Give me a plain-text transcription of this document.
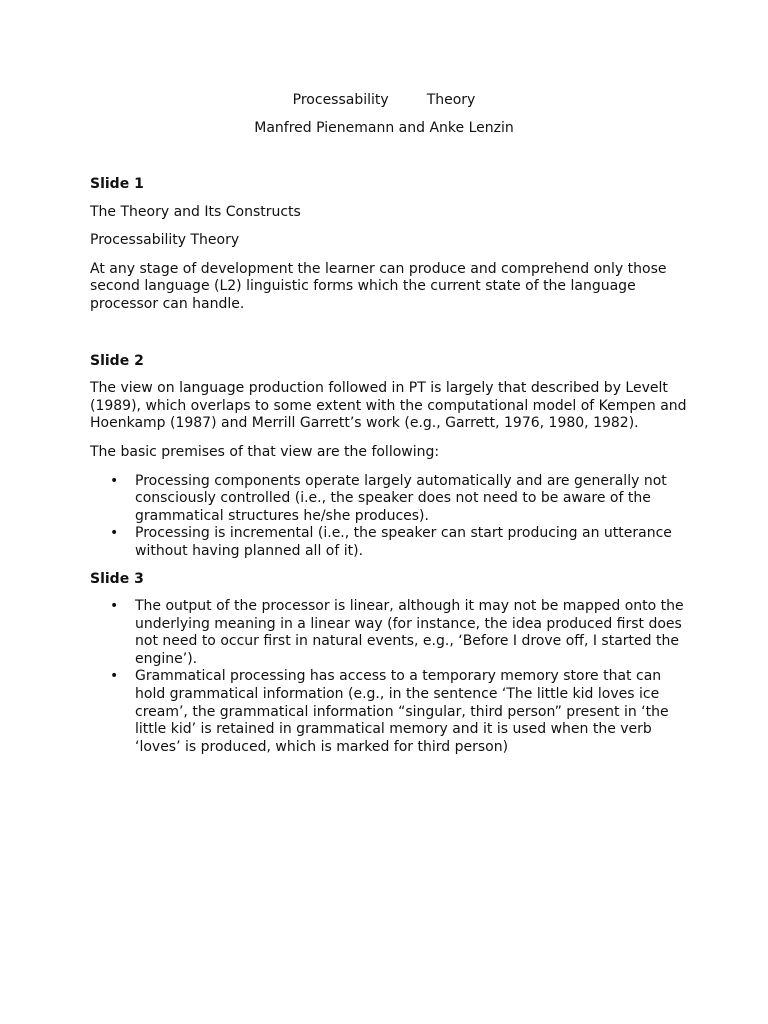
Processability	Theory
Manfred Pienemann and Anke Lenzin
Slide 1

The Theory and Its Constructs

Processability Theory

At any stage of development the learner can produce and comprehend only those second language (L2) linguistic forms which the current state of the language processor can handle.

Slide 2

The view on language production followed in PT is largely that described by Levelt (1989), which overlaps to some extent with the computational model of Kempen and Hoenkamp (1987) and Merrill Garrett’s work (e.g., Garrett, 1976, 1980, 1982).

The basic premises of that view are the following:

• Processing components operate largely automatically and are generally not consciously controlled (i.e., the speaker does not need to be aware of the grammatical structures he/she produces).
• Processing is incremental (i.e., the speaker can start producing an utterance without having planned all of it).
Slide 3
• The output of the processor is linear, although it may not be mapped onto the underlying meaning in a linear way (for instance, the idea produced first does not need to occur first in natural events, e.g., ‘Before I drove off, I started the engine’).
• Grammatical processing has access to a temporary memory store that can hold grammatical information (e.g., in the sentence ‘The little kid loves ice cream’, the grammatical information “singular, third person” present in ‘the little kid’ is retained in grammatical memory and it is used when the verb ‘loves’ is produced, which is marked for third person)
